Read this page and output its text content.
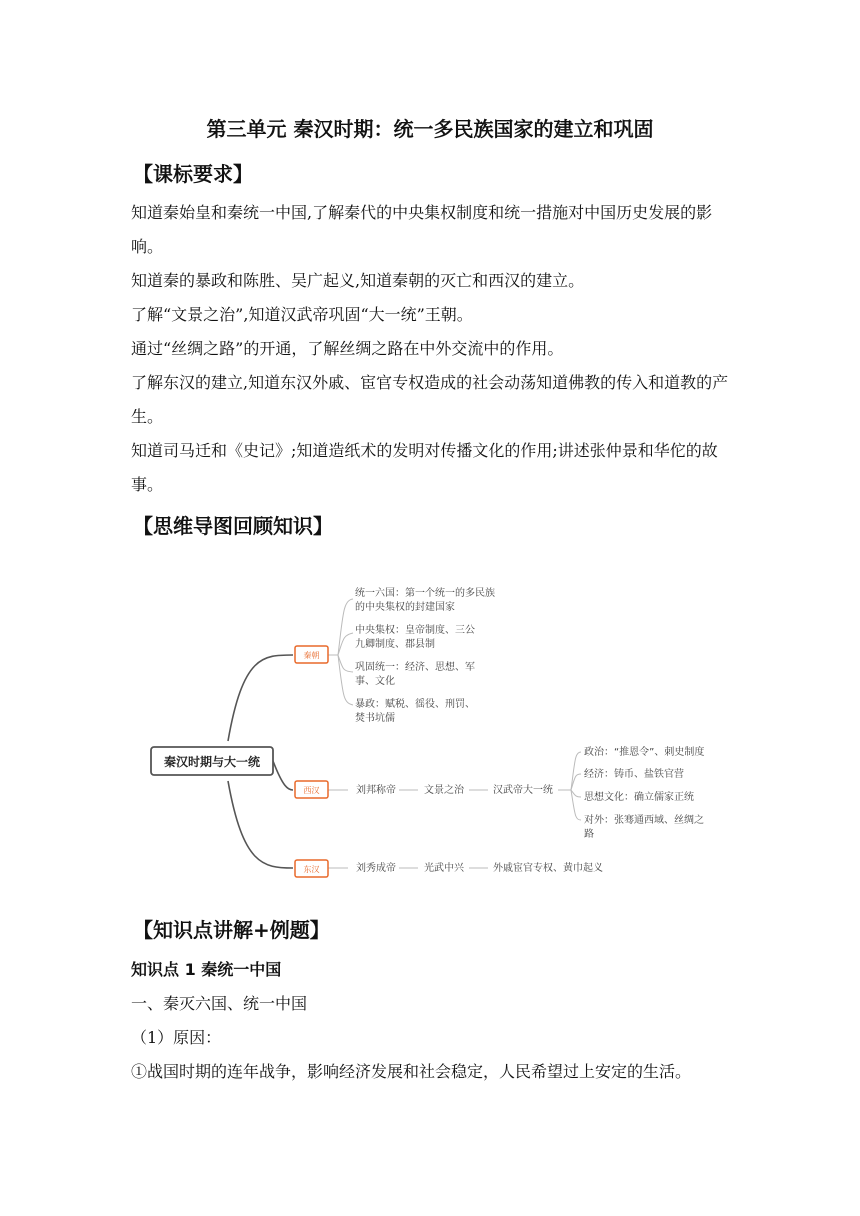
第三单元 秦汉时期：统一多民族国家的建立和巩固
【课标要求】

知道秦始皇和秦统一中国,了解秦代的中央集权制度和统一措施对中国历史发展的影响。

知道秦的暴政和陈胜、吴广起义,知道秦朝的灭亡和西汉的建立。

了解“文景之治”,知道汉武帝巩固“大一统”王朝。

通过“丝绸之路”的开通，了解丝绸之路在中外交流中的作用。

了解东汉的建立,知道东汉外戚、宦官专权造成的社会动荡知道佛教的传入和道教的产生。

知道司马迁和《史记》;知道造纸术的发明对传播文化的作用;讲述张仲景和华佗的故事。

【思维导图回顾知识】
秦汉时期与大一统
秦朝
西汉
东汉
统一六国：第一个统一的多民族
的中央集权的封建国家
中央集权：皇帝制度、三公
九卿制度、郡县制
巩固统一：经济、思想、军
事、文化
暴政：赋税、徭役、刑罚、
焚书坑儒
刘邦称帝	文景之治	汉武帝大一统
政治：“推恩令”、刺史制度
经济：铸币、盐铁官营
思想文化：确立儒家正统
对外：张骞通西域、丝绸之
路
刘秀成帝	光武中兴	外戚宦官专权、黄巾起义
【知识点讲解+例题】
知识点 1 秦统一中国
一、秦灭六国、统一中国
（1）原因：
①战国时期的连年战争，影响经济发展和社会稳定，人民希望过上安定的生活。
